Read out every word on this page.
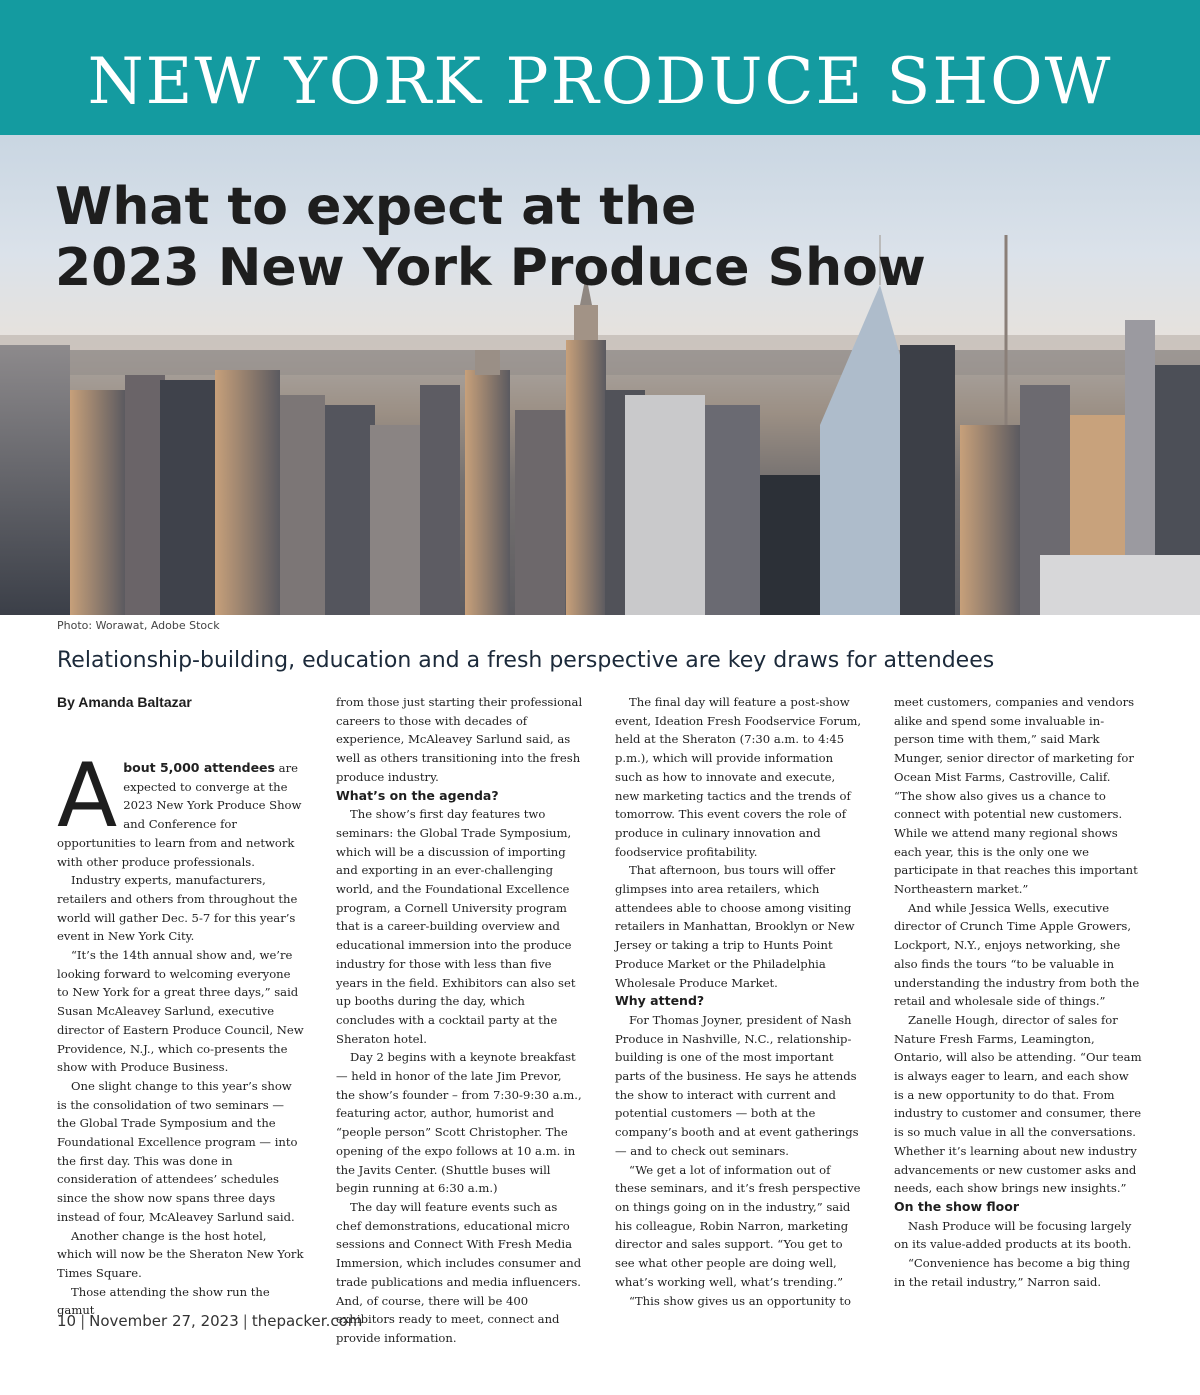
NEW YORK PRODUCE SHOW
What to expect at the
2023 New York Produce Show
Photo: Worawat, Adobe Stock
Relationship-building, education and a fresh perspective are key draws for attendees

By Amanda Baltazar

About 5,000 attendees are expected to converge at the 2023 New York Produce Show and Conference for opportunities to learn from and network with other produce professionals.

Industry experts, manufacturers, retailers and others from throughout the world will gather Dec. 5-7 for this year’s event in New York City.

“It’s the 14th annual show and, we’re looking forward to welcoming everyone to New York for a great three days,” said Susan McAleavey Sarlund, executive director of Eastern Produce Council, New Providence, N.J., which co-presents the show with Produce Business.

One slight change to this year’s show is the consolidation of two seminars — the Global Trade Symposium and the Foundational Excellence program — into the first day. This was done in consideration of attendees’ schedules since the show now spans three days instead of four, McAleavey Sarlund said.

Another change is the host hotel, which will now be the Sheraton New York Times Square.

Those attending the show run the gamut

from those just starting their professional careers to those with decades of experience, McAleavey Sarlund said, as well as others transitioning into the fresh produce industry.

What’s on the agenda?

The show’s first day features two seminars: the Global Trade Symposium, which will be a discussion of importing and exporting in an ever-challenging world, and the Foundational Excellence program, a Cornell University program that is a career-building overview and educational immersion into the produce industry for those with less than five years in the field. Exhibitors can also set up booths during the day, which concludes with a cocktail party at the Sheraton hotel.

Day 2 begins with a keynote breakfast — held in honor of the late Jim Prevor, the show’s founder – from 7:30-9:30 a.m., featuring actor, author, humorist and “people person” Scott Christopher. The opening of the expo follows at 10 a.m. in the Javits Center. (Shuttle buses will begin running at 6:30 a.m.)

The day will feature events such as chef demonstrations, educational micro sessions and Connect With Fresh Media Immersion, which includes consumer and trade publications and media influencers. And, of course, there will be 400 exhibitors ready to meet, connect and provide information.

The final day will feature a post-show event, Ideation Fresh Foodservice Forum, held at the Sheraton (7:30 a.m. to 4:45 p.m.), which will provide information such as how to innovate and execute, new marketing tactics and the trends of tomorrow. This event covers the role of produce in culinary innovation and foodservice profitability.

That afternoon, bus tours will offer glimpses into area retailers, which attendees able to choose among visiting retailers in Manhattan, Brooklyn or New Jersey or taking a trip to Hunts Point Produce Market or the Philadelphia Wholesale Produce Market.

Why attend?

For Thomas Joyner, president of Nash Produce in Nashville, N.C., relationship-building is one of the most important parts of the business. He says he attends the show to interact with current and potential customers — both at the company’s booth and at event gatherings — and to check out seminars.

“We get a lot of information out of these seminars, and it’s fresh perspective on things going on in the industry,” said his colleague, Robin Narron, marketing director and sales support. “You get to see what other people are doing well, what’s working well, what’s trending.”

“This show gives us an opportunity to

meet customers, companies and vendors alike and spend some invaluable in-person time with them,” said Mark Munger, senior director of marketing for Ocean Mist Farms, Castroville, Calif. “The show also gives us a chance to connect with potential new customers. While we attend many regional shows each year, this is the only one we participate in that reaches this important Northeastern market.”

And while Jessica Wells, executive director of Crunch Time Apple Growers, Lockport, N.Y., enjoys networking, she also finds the tours “to be valuable in understanding the industry from both the retail and wholesale side of things.”

Zanelle Hough, director of sales for Nature Fresh Farms, Leamington, Ontario, will also be attending. “Our team is always eager to learn, and each show is a new opportunity to do that. From industry to customer and consumer, there is so much value in all the conversations. Whether it’s learning about new industry advancements or new customer asks and needs, each show brings new insights.”

On the show floor

Nash Produce will be focusing largely on its value-added products at its booth.

“Convenience has become a big thing in the retail industry,” Narron said.

10 | November 27, 2023 | thepacker.com
